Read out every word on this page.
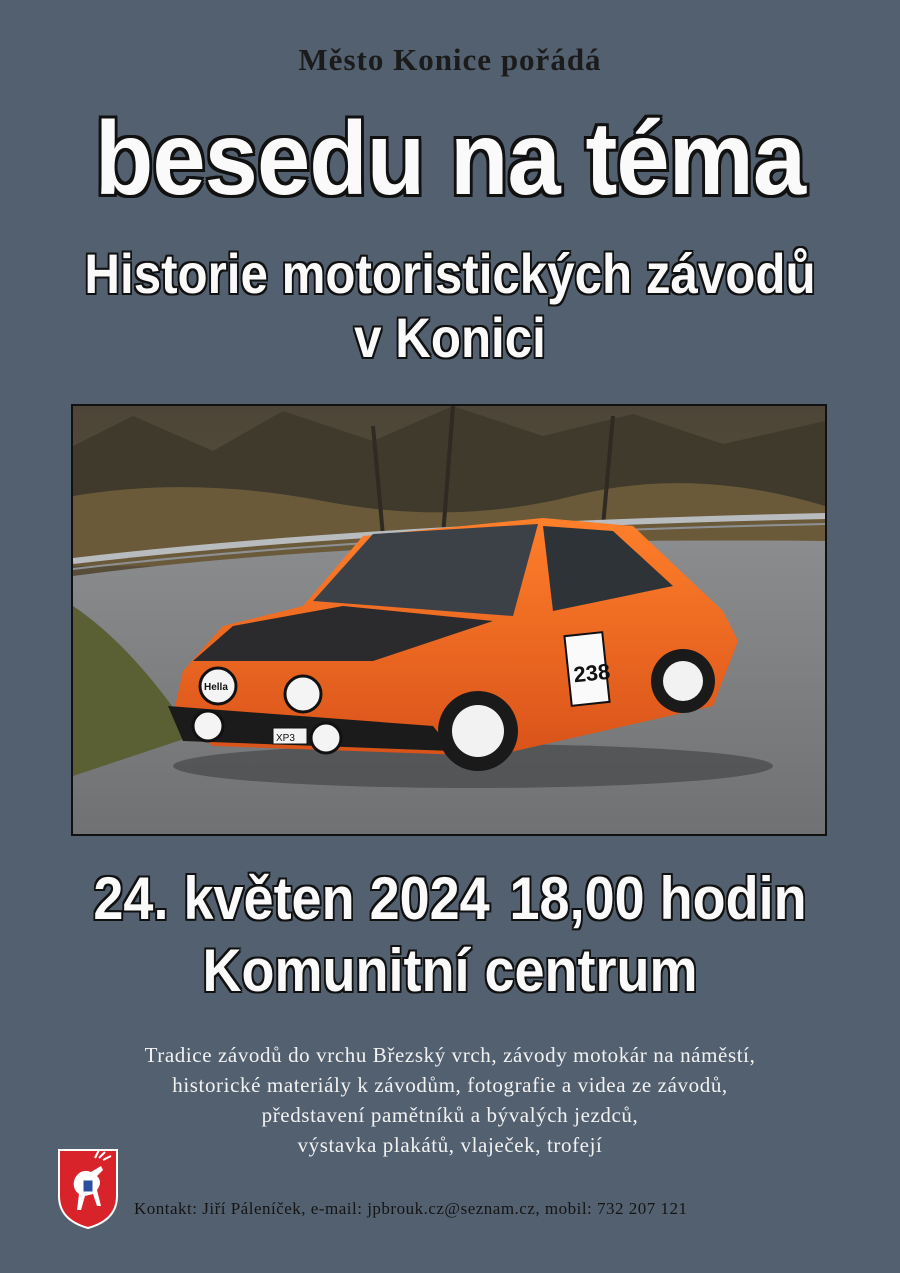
Město Konice pořádá
besedu na téma
Historie motoristických závodů
v Konici
238
Hella
XP3
24. květen 2024 18,00 hodin
Komunitní centrum
Tradice závodů do vrchu Březský vrch, závody motokár na náměstí,
historické materiály k závodům, fotografie a videa ze závodů,
představení pamětníků a bývalých jezdců,
výstavka plakátů, vlaječek, trofejí
Kontakt: Jiří Páleníček, e-mail: jpbrouk.cz@seznam.cz, mobil: 732 207 121
